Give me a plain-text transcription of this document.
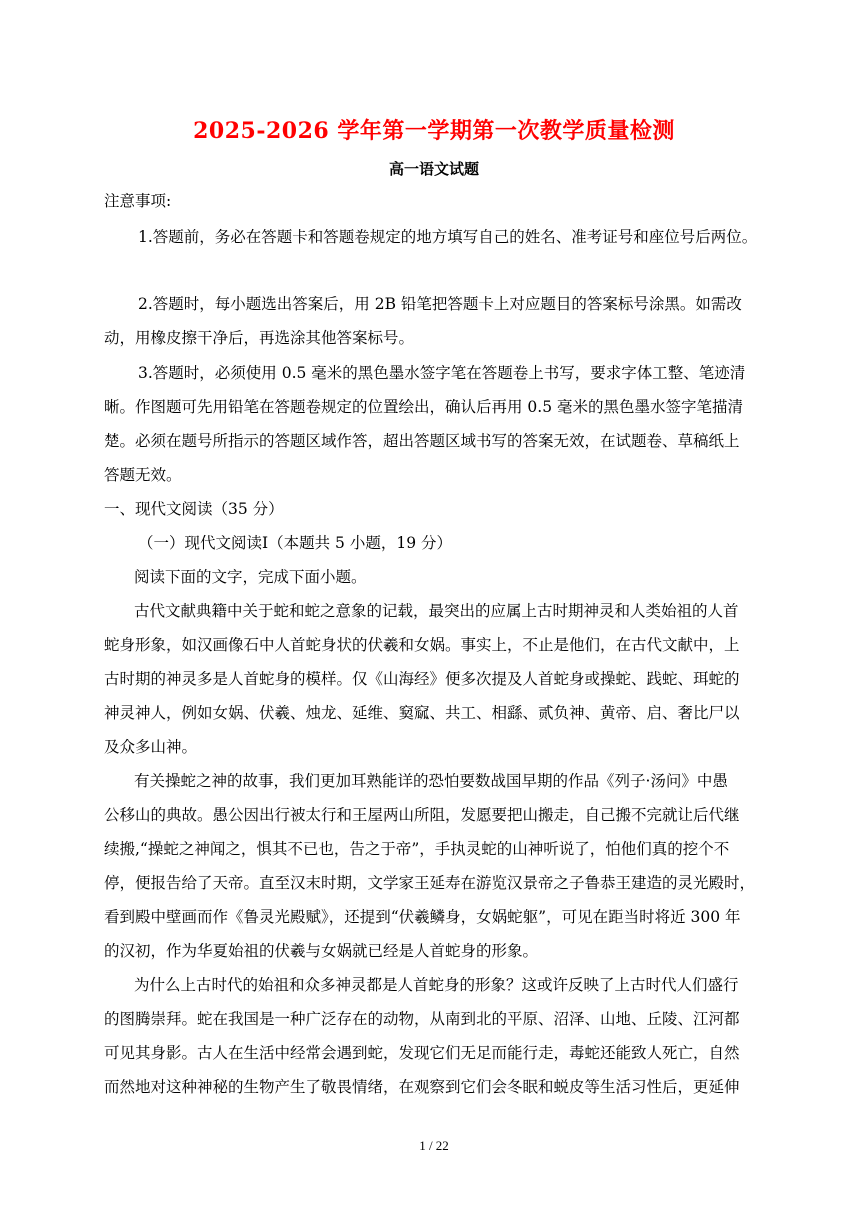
2025-2026 学年第一学期第一次教学质量检测
高一语文试题
注意事项:
1.答题前，务必在答题卡和答题卷规定的地方填写自己的姓名、准考证号和座位号后两位。
2.答题时，每小题选出答案后，用 2B 铅笔把答题卡上对应题目的答案标号涂黑。如需改
动，用橡皮擦干净后，再选涂其他答案标号。
3.答题时，必须使用 0.5 毫米的黑色墨水签字笔在答题卷上书写，要求字体工整、笔迹清
晰。作图题可先用铅笔在答题卷规定的位置绘出，确认后再用 0.5 毫米的黑色墨水签字笔描清
楚。必须在题号所指示的答题区域作答，超出答题区域书写的答案无效，在试题卷、草稿纸上
答题无效。
一、现代文阅读（35 分）
（一）现代文阅读I（本题共 5 小题，19 分）
阅读下面的文字，完成下面小题。
古代文献典籍中关于蛇和蛇之意象的记载，最突出的应属上古时期神灵和人类始祖的人首
蛇身形象，如汉画像石中人首蛇身状的伏羲和女娲。事实上，不止是他们，在古代文献中，上
古时期的神灵多是人首蛇身的模样。仅《山海经》便多次提及人首蛇身或操蛇、践蛇、珥蛇的
神灵神人，例如女娲、伏羲、烛龙、延维、窫窳、共工、相繇、贰负神、黄帝、启、奢比尸以
及众多山神。
有关操蛇之神的故事，我们更加耳熟能详的恐怕要数战国早期的作品《列子·汤问》中愚
公移山的典故。愚公因出行被太行和王屋两山所阻，发愿要把山搬走，自己搬不完就让后代继
续搬,“操蛇之神闻之，惧其不已也，告之于帝”，手执灵蛇的山神听说了，怕他们真的挖个不
停，便报告给了天帝。直至汉末时期，文学家王延寿在游览汉景帝之子鲁恭王建造的灵光殿时，
看到殿中壁画而作《鲁灵光殿赋》，还提到“伏羲鳞身，女娲蛇躯”，可见在距当时将近 300 年
的汉初，作为华夏始祖的伏羲与女娲就已经是人首蛇身的形象。
为什么上古时代的始祖和众多神灵都是人首蛇身的形象？这或许反映了上古时代人们盛行
的图腾崇拜。蛇在我国是一种广泛存在的动物，从南到北的平原、沼泽、山地、丘陵、江河都
可见其身影。古人在生活中经常会遇到蛇，发现它们无足而能行走，毒蛇还能致人死亡，自然
而然地对这种神秘的生物产生了敬畏情绪，在观察到它们会冬眠和蜕皮等生活习性后，更延伸
1 / 22
